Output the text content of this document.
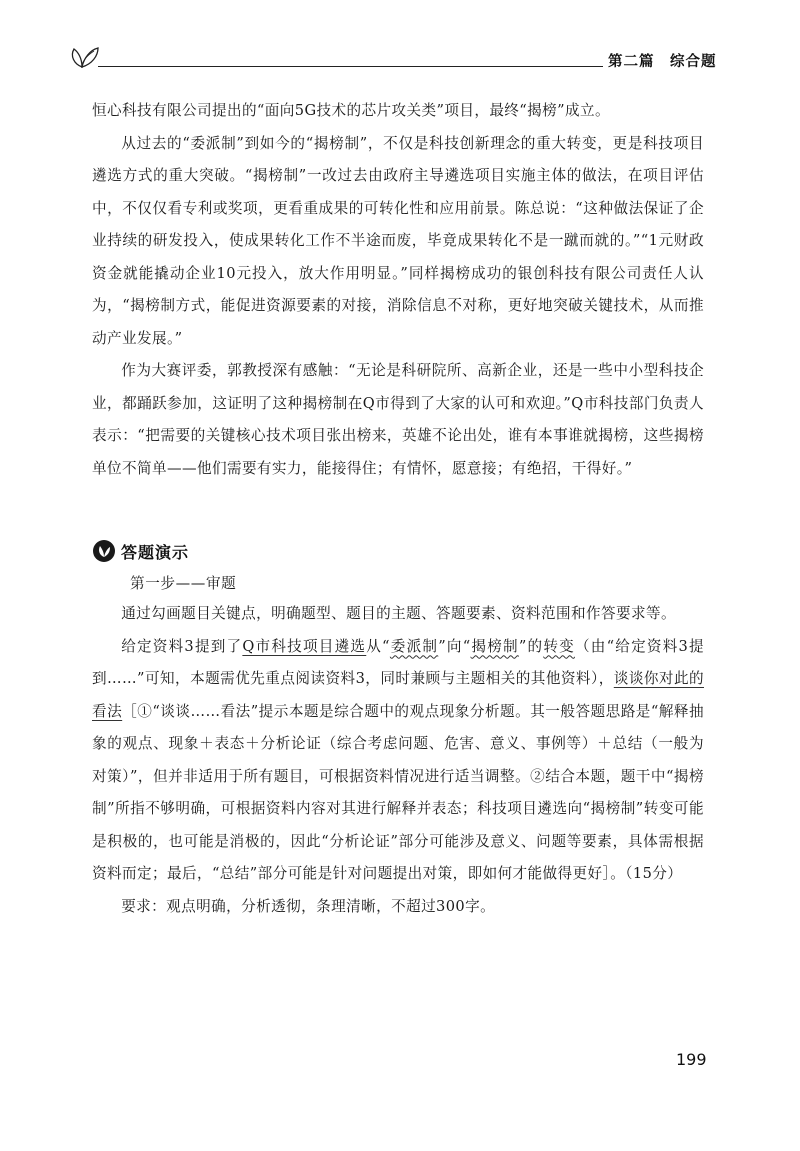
第二篇　综合题

恒心科技有限公司提出的“面向5G技术的芯片攻关类”项目，最终“揭榜”成立。

从过去的“委派制”到如今的“揭榜制”，不仅是科技创新理念的重大转变，更是科技项目遴选方式的重大突破。“揭榜制”一改过去由政府主导遴选项目实施主体的做法，在项目评估中，不仅仅看专利或奖项，更看重成果的可转化性和应用前景。陈总说：“这种做法保证了企业持续的研发投入，使成果转化工作不半途而废，毕竟成果转化不是一蹴而就的。”“1元财政资金就能撬动企业10元投入，放大作用明显。”同样揭榜成功的银创科技有限公司责任人认为，“揭榜制方式，能促进资源要素的对接，消除信息不对称，更好地突破关键技术，从而推动产业发展。”

作为大赛评委，郭教授深有感触：“无论是科研院所、高新企业，还是一些中小型科技企业，都踊跃参加，这证明了这种揭榜制在Q市得到了大家的认可和欢迎。”Q市科技部门负责人表示：“把需要的关键核心技术项目张出榜来，英雄不论出处，谁有本事谁就揭榜，这些揭榜单位不简单——他们需要有实力，能接得住；有情怀，愿意接；有绝招，干得好。”

答题演示
第一步——审题

通过勾画题目关键点，明确题型、题目的主题、答题要素、资料范围和作答要求等。

给定资料3提到了Q市科技项目遴选从“委派制”向“揭榜制”的转变（由“给定资料3提到……”可知，本题需优先重点阅读资料3，同时兼顾与主题相关的其他资料），谈谈你对此的看法［①“谈谈……看法”提示本题是综合题中的观点现象分析题。其一般答题思路是“解释抽象的观点、现象＋表态＋分析论证（综合考虑问题、危害、意义、事例等）＋总结（一般为对策）”，但并非适用于所有题目，可根据资料情况进行适当调整。②结合本题，题干中“揭榜制”所指不够明确，可根据资料内容对其进行解释并表态；科技项目遴选向“揭榜制”转变可能是积极的，也可能是消极的，因此“分析论证”部分可能涉及意义、问题等要素，具体需根据资料而定；最后，“总结”部分可能是针对问题提出对策，即如何才能做得更好］。（15分）

要求：观点明确，分析透彻，条理清晰，不超过300字。

199
